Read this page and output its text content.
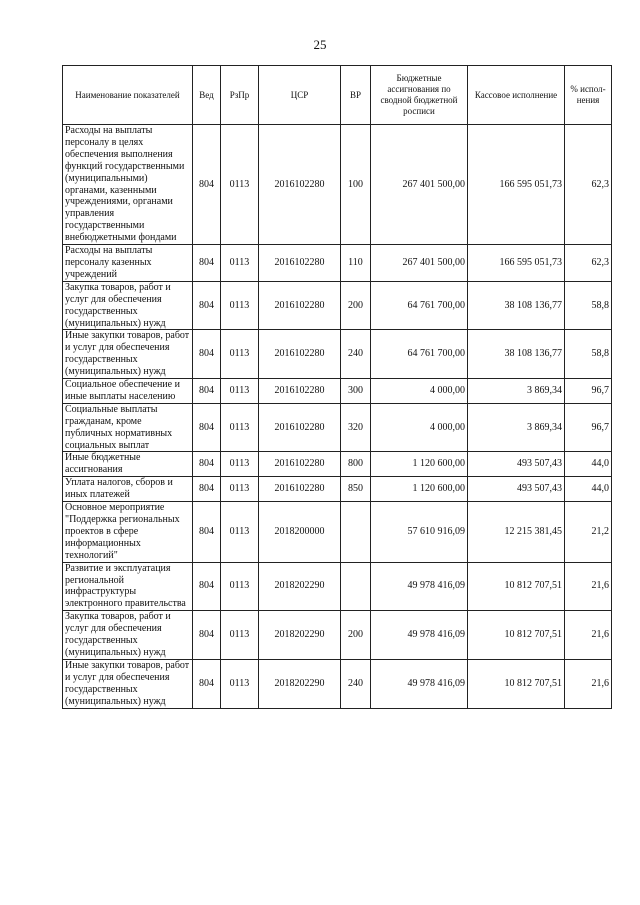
25
Наименование показателей	Вед	РзПр	ЦСР	ВР	Бюджетные ассигнования по сводной бюджетной росписи	Кассовое исполнение	% испол-нения
Расходы на выплаты персоналу в целях обеспечения выполнения функций государственными (муниципальными) органами, казенными учреждениями, органами управления государственными внебюджетными фондами	804	0113	2016102280	100	267 401 500,00	166 595 051,73	62,3
Расходы на выплаты персоналу казенных учреждений	804	0113	2016102280	110	267 401 500,00	166 595 051,73	62,3
Закупка товаров, работ и услуг для обеспечения государственных (муниципальных) нужд	804	0113	2016102280	200	64 761 700,00	38 108 136,77	58,8
Иные закупки товаров, работ и услуг для обеспечения государственных (муниципальных) нужд	804	0113	2016102280	240	64 761 700,00	38 108 136,77	58,8
Социальное обеспечение и иные выплаты населению	804	0113	2016102280	300	4 000,00	3 869,34	96,7
Социальные выплаты гражданам, кроме публичных нормативных социальных выплат	804	0113	2016102280	320	4 000,00	3 869,34	96,7
Иные бюджетные ассигнования	804	0113	2016102280	800	1 120 600,00	493 507,43	44,0
Уплата налогов, сборов и иных платежей	804	0113	2016102280	850	1 120 600,00	493 507,43	44,0
Основное мероприятие "Поддержка региональных проектов в сфере информационных технологий"	804	0113	2018200000		57 610 916,09	12 215 381,45	21,2
Развитие и эксплуатация региональной инфраструктуры электронного правительства	804	0113	2018202290		49 978 416,09	10 812 707,51	21,6
Закупка товаров, работ и услуг для обеспечения государственных (муниципальных) нужд	804	0113	2018202290	200	49 978 416,09	10 812 707,51	21,6
Иные закупки товаров, работ и услуг для обеспечения государственных (муниципальных) нужд	804	0113	2018202290	240	49 978 416,09	10 812 707,51	21,6
